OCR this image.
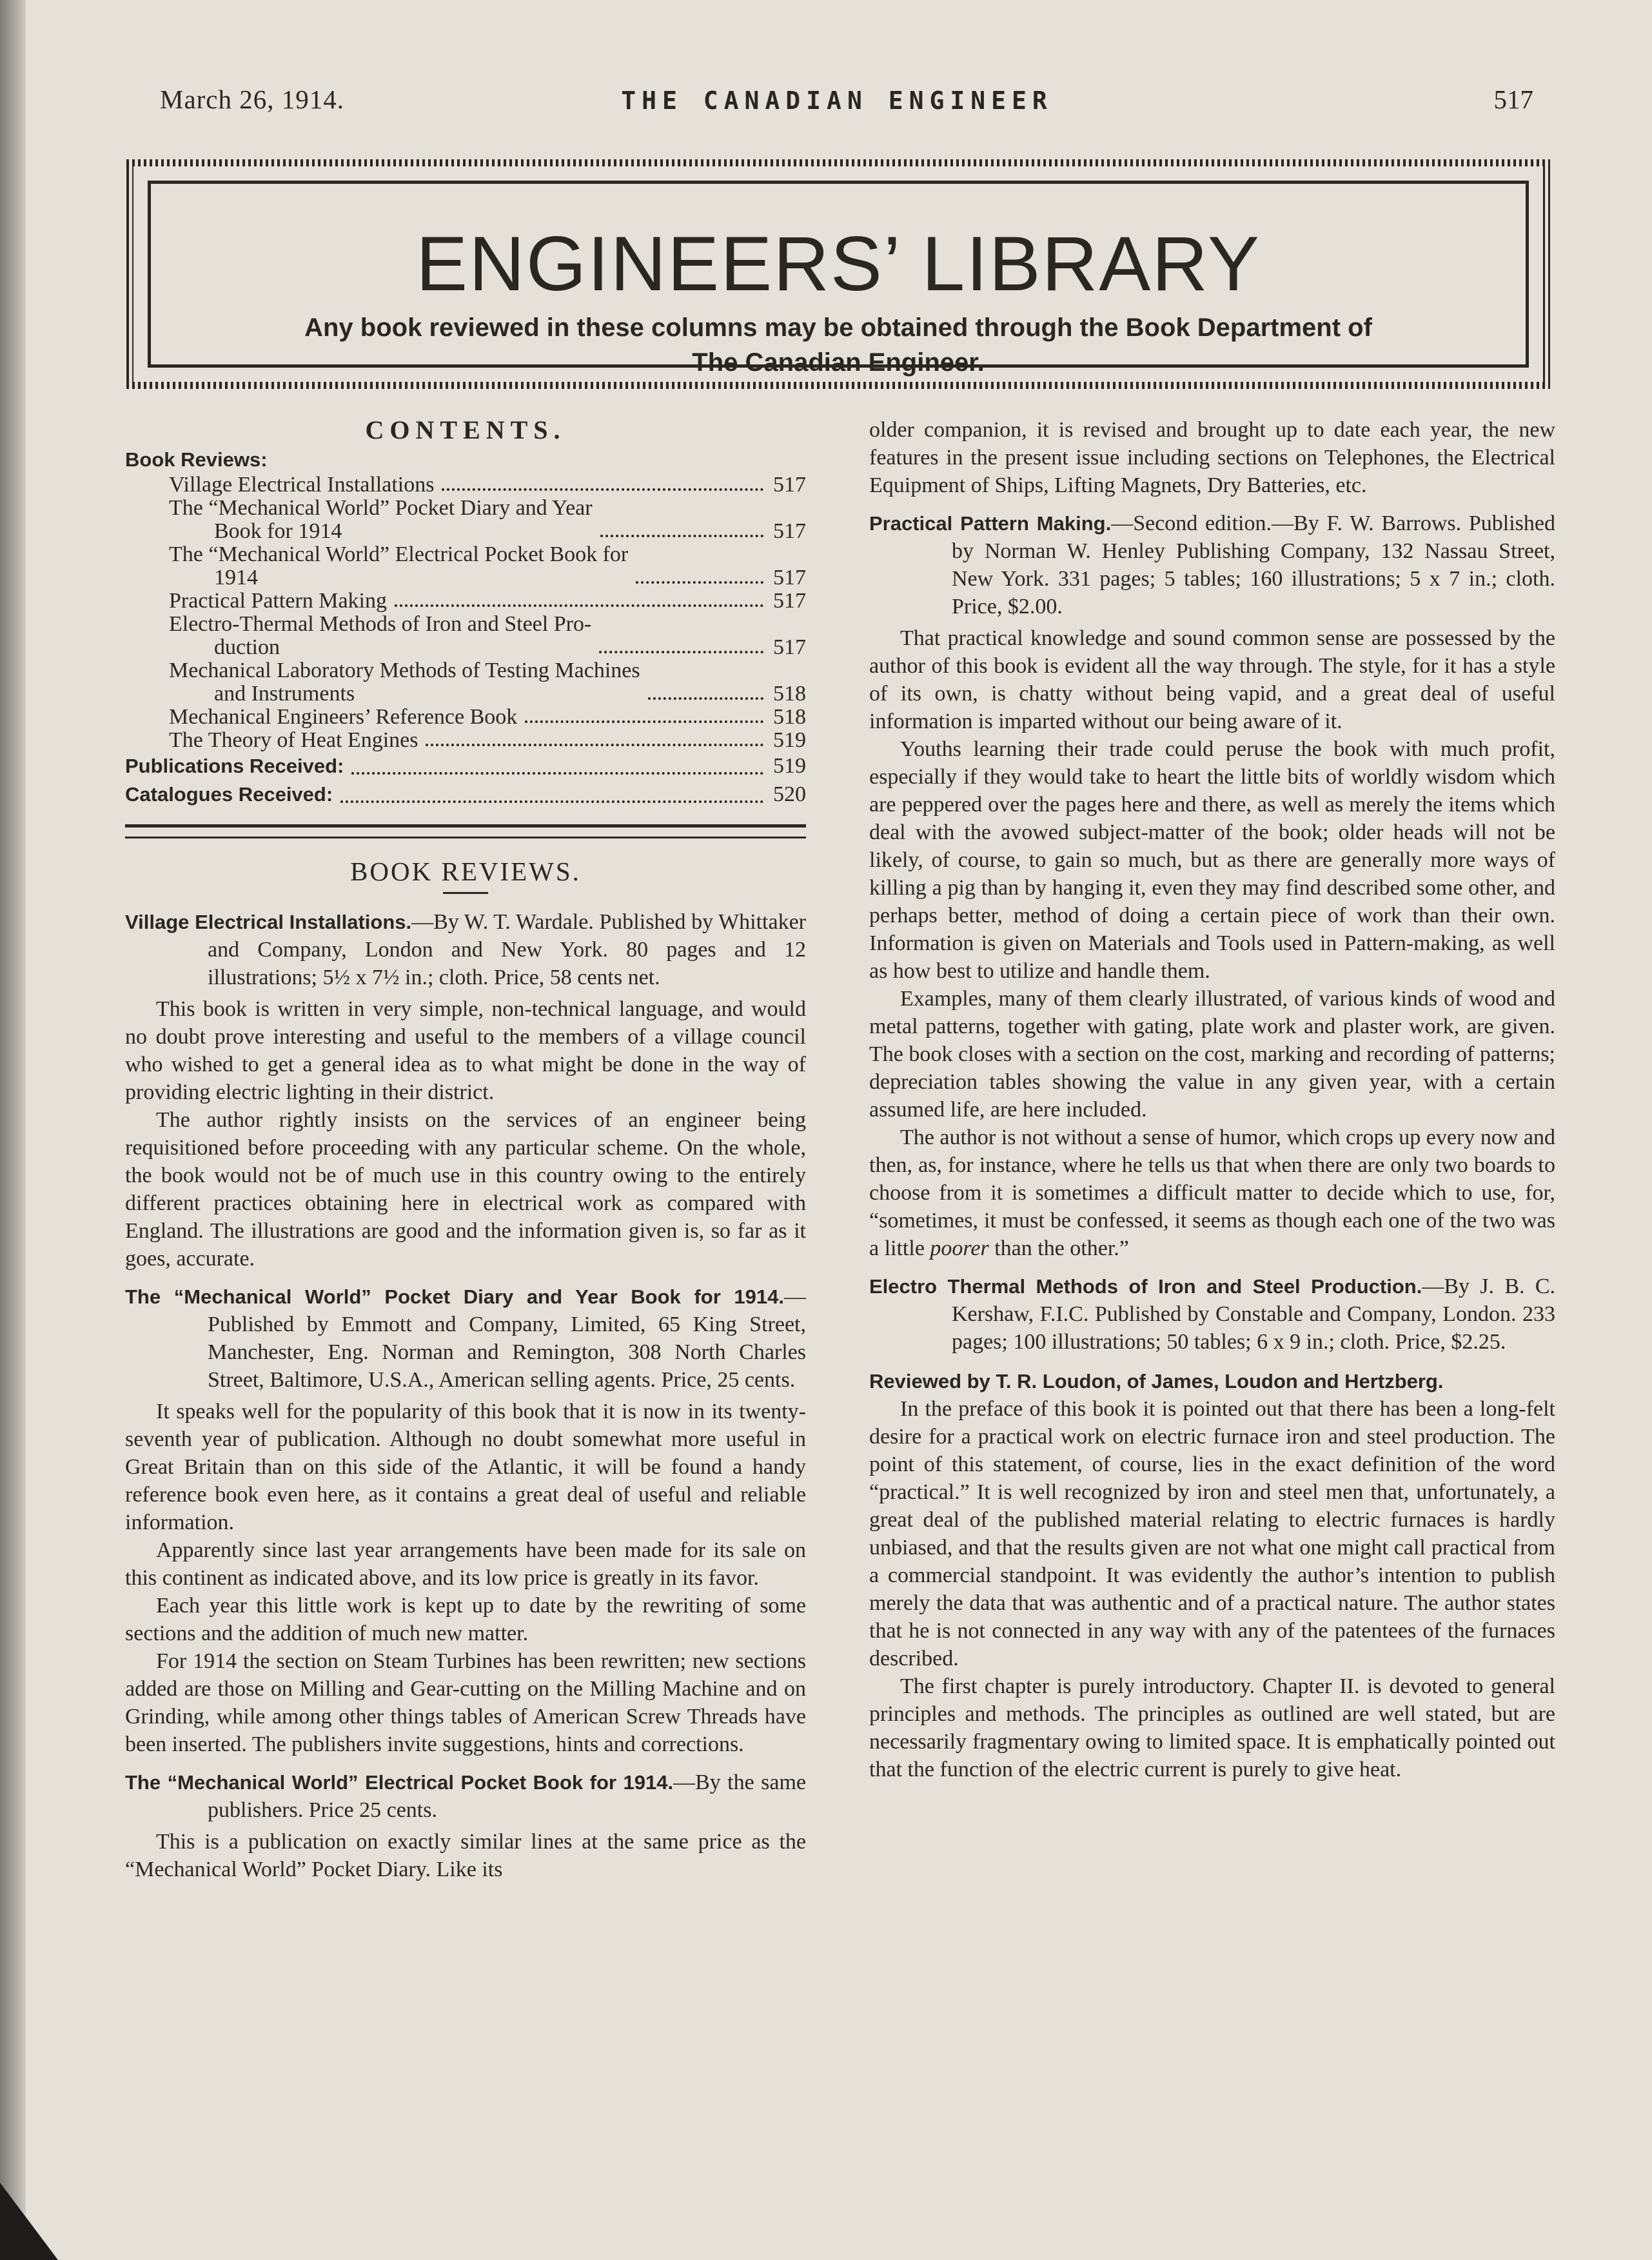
March 26, 1914.	THE CANADIAN ENGINEER	517
ENGINEERS’ LIBRARY
Any book reviewed in these columns may be obtained through the Book Department of
The Canadian Engineer.
CONTENTS.
Book Reviews:
Village Electrical Installations	517
The “Mechanical World” Pocket Diary and Year
Book for 1914	517
The “Mechanical World” Electrical Pocket Book for
1914	517
Practical Pattern Making	517
Electro-Thermal Methods of Iron and Steel Pro-
duction	517
Mechanical Laboratory Methods of Testing Machines
and Instruments	518
Mechanical Engineers’ Reference Book	518
The Theory of Heat Engines	519
Publications Received:	519
Catalogues Received:	520
BOOK REVIEWS.
Village Electrical Installations.—By W. T. Wardale. Published by Whittaker and Company, London and New York. 80 pages and 12 illustrations; 5½ x 7½ in.; cloth. Price, 58 cents net.

This book is written in very simple, non-technical language, and would no doubt prove interesting and useful to the members of a village council who wished to get a general idea as to what might be done in the way of providing electric lighting in their district.

The author rightly insists on the services of an engineer being requisitioned before proceeding with any particular scheme. On the whole, the book would not be of much use in this country owing to the entirely different practices obtaining here in electrical work as compared with England. The illustrations are good and the information given is, so far as it goes, accurate.

The “Mechanical World” Pocket Diary and Year Book for 1914.—Published by Emmott and Company, Limited, 65 King Street, Manchester, Eng. Norman and Remington, 308 North Charles Street, Baltimore, U.S.A., American selling agents. Price, 25 cents.

It speaks well for the popularity of this book that it is now in its twenty-seventh year of publication. Although no doubt somewhat more useful in Great Britain than on this side of the Atlantic, it will be found a handy reference book even here, as it contains a great deal of useful and reliable information.

Apparently since last year arrangements have been made for its sale on this continent as indicated above, and its low price is greatly in its favor.

Each year this little work is kept up to date by the rewriting of some sections and the addition of much new matter.

For 1914 the section on Steam Turbines has been rewritten; new sections added are those on Milling and Gear-cutting on the Milling Machine and on Grinding, while among other things tables of American Screw Threads have been inserted. The publishers invite suggestions, hints and corrections.

The “Mechanical World” Electrical Pocket Book for 1914.—By the same publishers. Price 25 cents.

This is a publication on exactly similar lines at the same price as the “Mechanical World” Pocket Diary. Like its

older companion, it is revised and brought up to date each year, the new features in the present issue including sections on Telephones, the Electrical Equipment of Ships, Lifting Magnets, Dry Batteries, etc.

Practical Pattern Making.—Second edition.—By F. W. Barrows. Published by Norman W. Henley Publishing Company, 132 Nassau Street, New York. 331 pages; 5 tables; 160 illustrations; 5 x 7 in.; cloth. Price, $2.00.

That practical knowledge and sound common sense are possessed by the author of this book is evident all the way through. The style, for it has a style of its own, is chatty without being vapid, and a great deal of useful information is imparted without our being aware of it.

Youths learning their trade could peruse the book with much profit, especially if they would take to heart the little bits of worldly wisdom which are peppered over the pages here and there, as well as merely the items which deal with the avowed subject-matter of the book; older heads will not be likely, of course, to gain so much, but as there are generally more ways of killing a pig than by hanging it, even they may find described some other, and perhaps better, method of doing a certain piece of work than their own. Information is given on Materials and Tools used in Pattern-making, as well as how best to utilize and handle them.

Examples, many of them clearly illustrated, of various kinds of wood and metal patterns, together with gating, plate work and plaster work, are given. The book closes with a section on the cost, marking and recording of patterns; depreciation tables showing the value in any given year, with a certain assumed life, are here included.

The author is not without a sense of humor, which crops up every now and then, as, for instance, where he tells us that when there are only two boards to choose from it is sometimes a difficult matter to decide which to use, for, “sometimes, it must be confessed, it seems as though each one of the two was a little poorer than the other.”

Electro Thermal Methods of Iron and Steel Production.—By J. B. C. Kershaw, F.I.C. Published by Constable and Company, London. 233 pages; 100 illustrations; 50 tables; 6 x 9 in.; cloth. Price, $2.25.
Reviewed by T. R. Loudon, of James, Loudon and Hertzberg.

In the preface of this book it is pointed out that there has been a long-felt desire for a practical work on electric furnace iron and steel production. The point of this statement, of course, lies in the exact definition of the word “practical.” It is well recognized by iron and steel men that, unfortunately, a great deal of the published material relating to electric furnaces is hardly unbiased, and that the results given are not what one might call practical from a commercial standpoint. It was evidently the author’s intention to publish merely the data that was authentic and of a practical nature. The author states that he is not connected in any way with any of the patentees of the furnaces described.

The first chapter is purely introductory. Chapter II. is devoted to general principles and methods. The principles as outlined are well stated, but are necessarily fragmentary owing to limited space. It is emphatically pointed out that the function of the electric current is purely to give heat.
